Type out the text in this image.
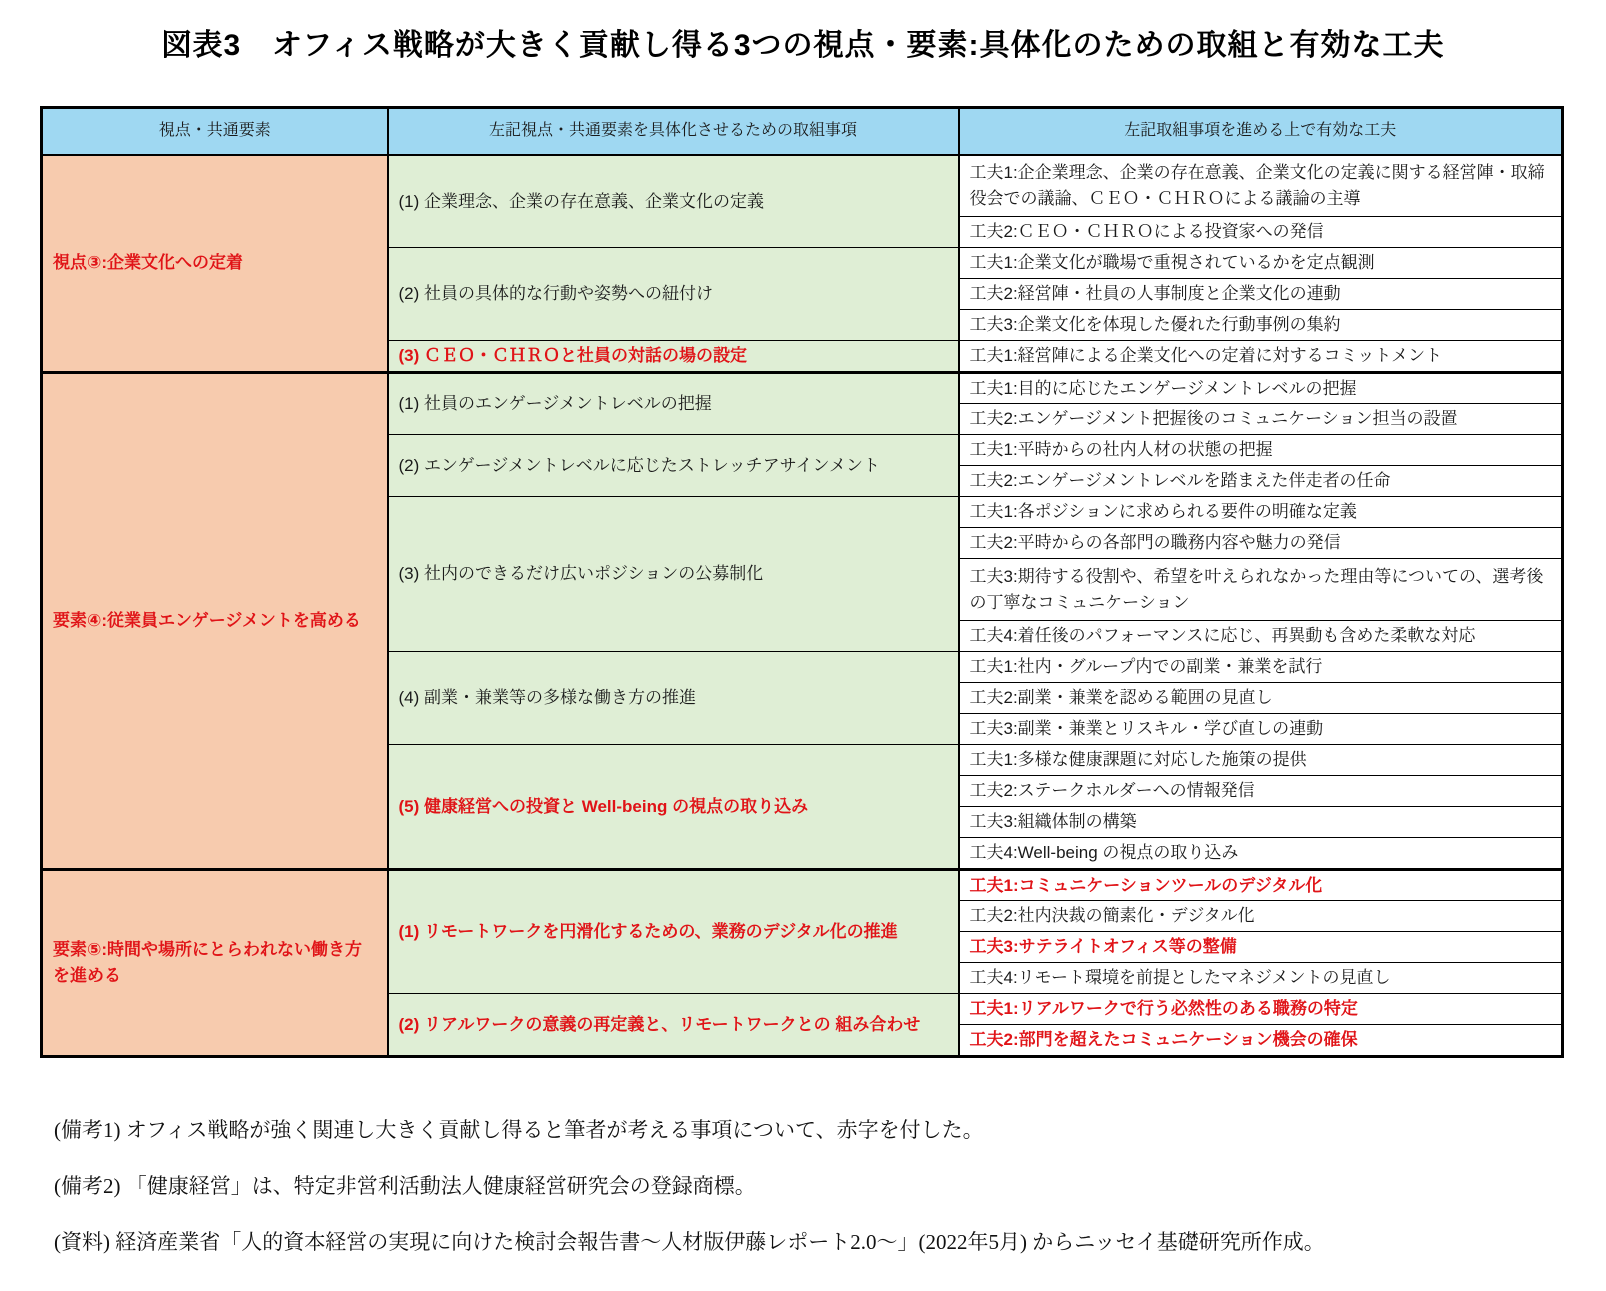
図表3　オフィス戦略が大きく貢献し得る3つの視点・要素:具体化のための取組と有効な工夫
視点・共通要素	左記視点・共通要素を具体化させるための取組事項	左記取組事項を進める上で有効な工夫
視点③:企業文化への定着	(1) 企業理念、企業の存在意義、企業文化の定義	工夫1:企企業理念、企業の存在意義、企業文化の定義に関する経営陣・取締役会での議論、ＣＥＯ・ＣＨＲＯによる議論の主導
		工夫2:ＣＥＯ・ＣＨＲＯによる投資家への発信
	(2) 社員の具体的な行動や姿勢への紐付け	工夫1:企業文化が職場で重視されているかを定点観測
		工夫2:経営陣・社員の人事制度と企業文化の連動
		工夫3:企業文化を体現した優れた行動事例の集約
	(3) ＣＥＯ・ＣＨＲＯと社員の対話の場の設定	工夫1:経営陣による企業文化への定着に対するコミットメント
要素④:従業員エンゲージメントを高める	(1) 社員のエンゲージメントレベルの把握	工夫1:目的に応じたエンゲージメントレベルの把握
		工夫2:エンゲージメント把握後のコミュニケーション担当の設置
	(2) エンゲージメントレベルに応じたストレッチアサインメント	工夫1:平時からの社内人材の状態の把握
		工夫2:エンゲージメントレベルを踏まえた伴走者の任命
	(3) 社内のできるだけ広いポジションの公募制化	工夫1:各ポジションに求められる要件の明確な定義
		工夫2:平時からの各部門の職務内容や魅力の発信
		工夫3:期待する役割や、希望を叶えられなかった理由等についての、選考後の丁寧なコミュニケーション
		工夫4:着任後のパフォーマンスに応じ、再異動も含めた柔軟な対応
	(4) 副業・兼業等の多様な働き方の推進	工夫1:社内・グループ内での副業・兼業を試行
		工夫2:副業・兼業を認める範囲の見直し
		工夫3:副業・兼業とリスキル・学び直しの連動
	(5) 健康経営への投資と Well-being の視点の取り込み	工夫1:多様な健康課題に対応した施策の提供
		工夫2:ステークホルダーへの情報発信
		工夫3:組織体制の構築
		工夫4:Well-being の視点の取り込み
要素⑤:時間や場所にとらわれない働き方を進める	(1) リモートワークを円滑化するための、業務のデジタル化の推進	工夫1:コミュニケーションツールのデジタル化
		工夫2:社内決裁の簡素化・デジタル化
		工夫3:サテライトオフィス等の整備
		工夫4:リモート環境を前提としたマネジメントの見直し
	(2) リアルワークの意義の再定義と、リモートワークとの 組み合わせ	工夫1:リアルワークで行う必然性のある職務の特定
		工夫2:部門を超えたコミュニケーション機会の確保

(備考1) オフィス戦略が強く関連し大きく貢献し得ると筆者が考える事項について、赤字を付した。

(備考2) 「健康経営」は、特定非営利活動法人健康経営研究会の登録商標。

(資料) 経済産業省「人的資本経営の実現に向けた検討会報告書〜人材版伊藤レポート2.0〜」(2022年5月) からニッセイ基礎研究所作成。
